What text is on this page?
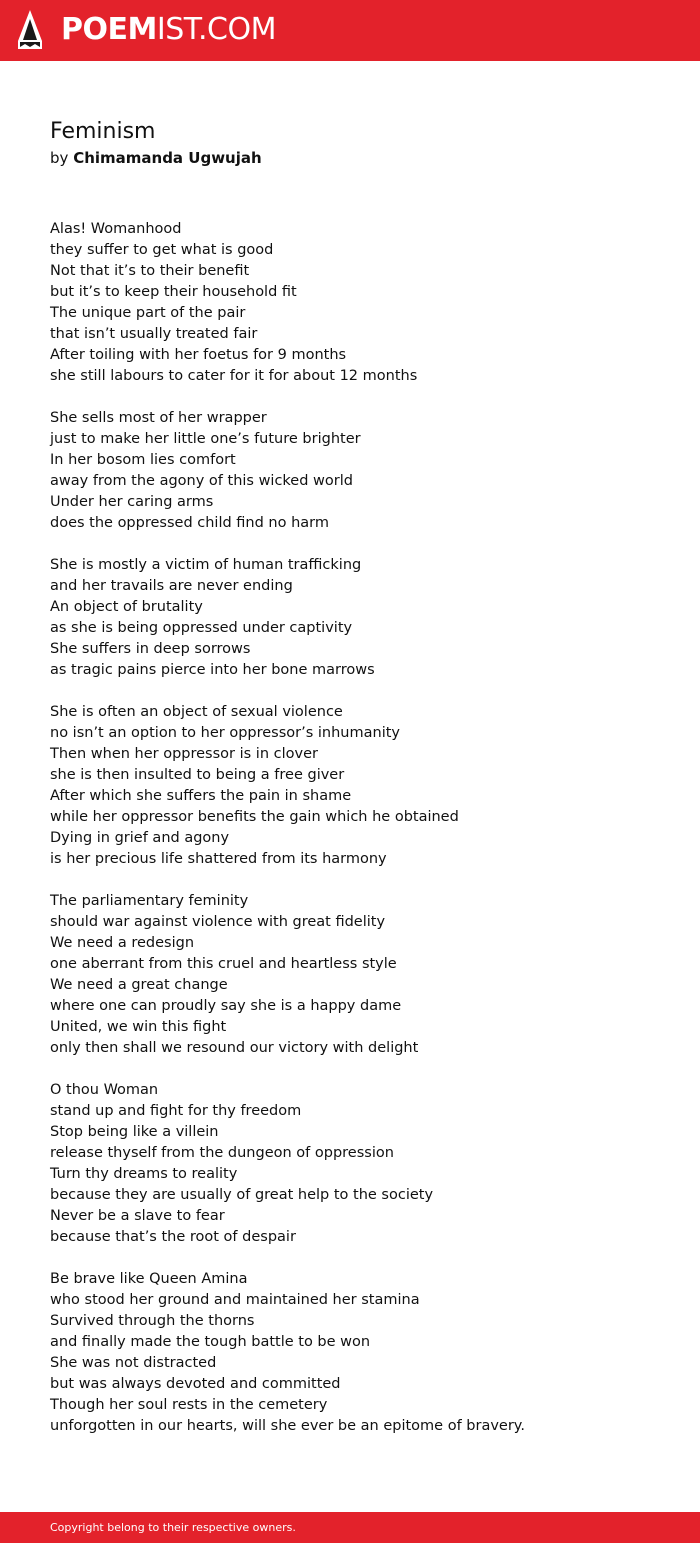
POEMIST.COM
Feminism
by Chimamanda Ugwujah
Alas! Womanhood
they suffer to get what is good
Not that it’s to their benefit
but it’s to keep their household fit
The unique part of the pair
that isn’t usually treated fair
After toiling with her foetus for 9 months
she still labours to cater for it for about 12 months
She sells most of her wrapper
just to make her little one’s future brighter
In her bosom lies comfort
away from the agony of this wicked world
Under her caring arms
does the oppressed child find no harm
She is mostly a victim of human trafficking
and her travails are never ending
An object of brutality
as she is being oppressed under captivity
She suffers in deep sorrows
as tragic pains pierce into her bone marrows
She is often an object of sexual violence
no isn’t an option to her oppressor’s inhumanity
Then when her oppressor is in clover
she is then insulted to being a free giver
After which she suffers the pain in shame
while her oppressor benefits the gain which he obtained
Dying in grief and agony
is her precious life shattered from its harmony
The parliamentary feminity
should war against violence with great fidelity
We need a redesign
one aberrant from this cruel and heartless style
We need a great change
where one can proudly say she is a happy dame
United, we win this fight
only then shall we resound our victory with delight
O thou Woman
stand up and fight for thy freedom
Stop being like a villein
release thyself from the dungeon of oppression
Turn thy dreams to reality
because they are usually of great help to the society
Never be a slave to fear
because that’s the root of despair
Be brave like Queen Amina
who stood her ground and maintained her stamina
Survived through the thorns
and finally made the tough battle to be won
She was not distracted
but was always devoted and committed
Though her soul rests in the cemetery
unforgotten in our hearts, will she ever be an epitome of bravery.
Copyright belong to their respective owners.
